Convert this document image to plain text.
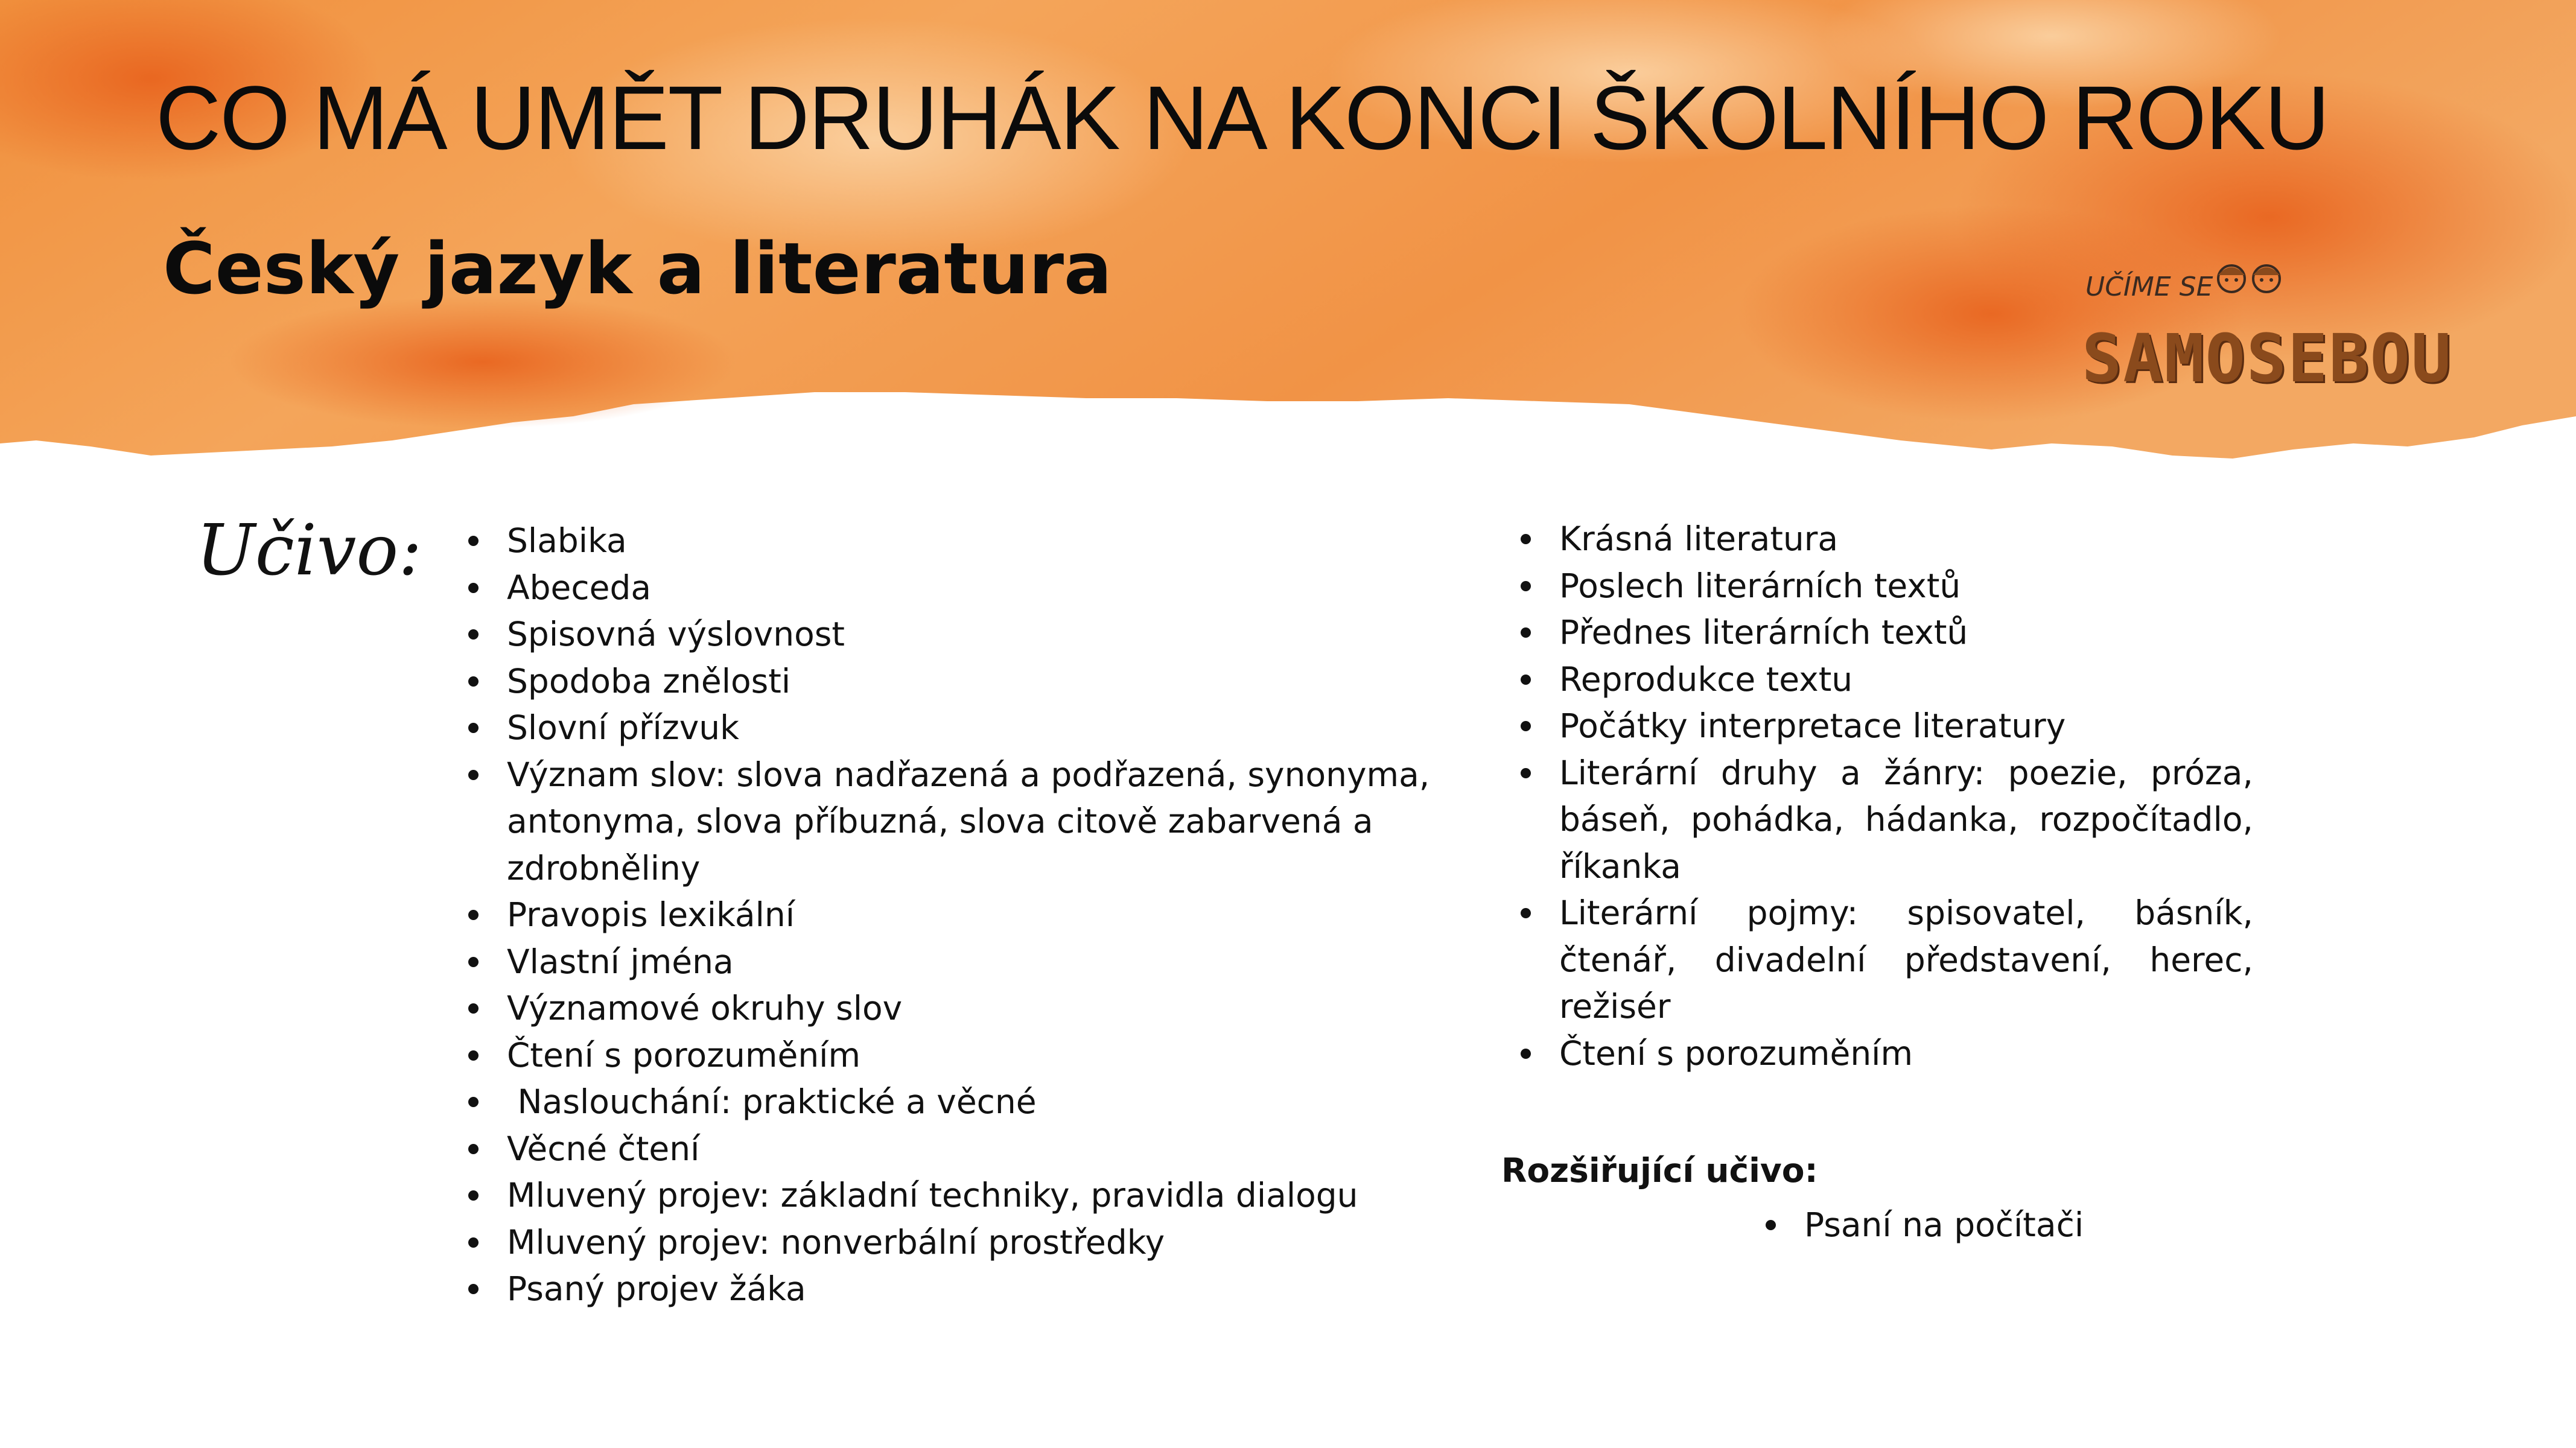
CO MÁ UMĚT DRUHÁK NA KONCI ŠKOLNÍHO ROKU
Český jazyk a literatura	UČÍME SE
SAMOSEBOU
Učivo:	Slabika
Abeceda
Spisovná výslovnost
Spodoba znělosti
Slovní přízvuk
Význam slov: slova nadřazená a podřazená, synonyma, antonyma, slova příbuzná, slova citově zabarvená a zdrobněliny
Pravopis lexikální
Vlastní jména
Významové okruhy slov
Čtení s porozuměním
Naslouchání: praktické a věcné
Věcné čtení
Mluvený projev: základní techniky, pravidla dialogu
Mluvený projev: nonverbální prostředky
Psaný projev žáka
Krásná literatura
Poslech literárních textů
Přednes literárních textů
Reprodukce textu
Počátky interpretace literatury
Literární druhy a žánry: poezie, próza, báseň, pohádka, hádanka, rozpočítadlo, říkanka
Literární pojmy: spisovatel, básník, čtenář, divadelní představení, herec, režisér
Čtení s porozuměním
Rozšiřující učivo:
Psaní na počítači
